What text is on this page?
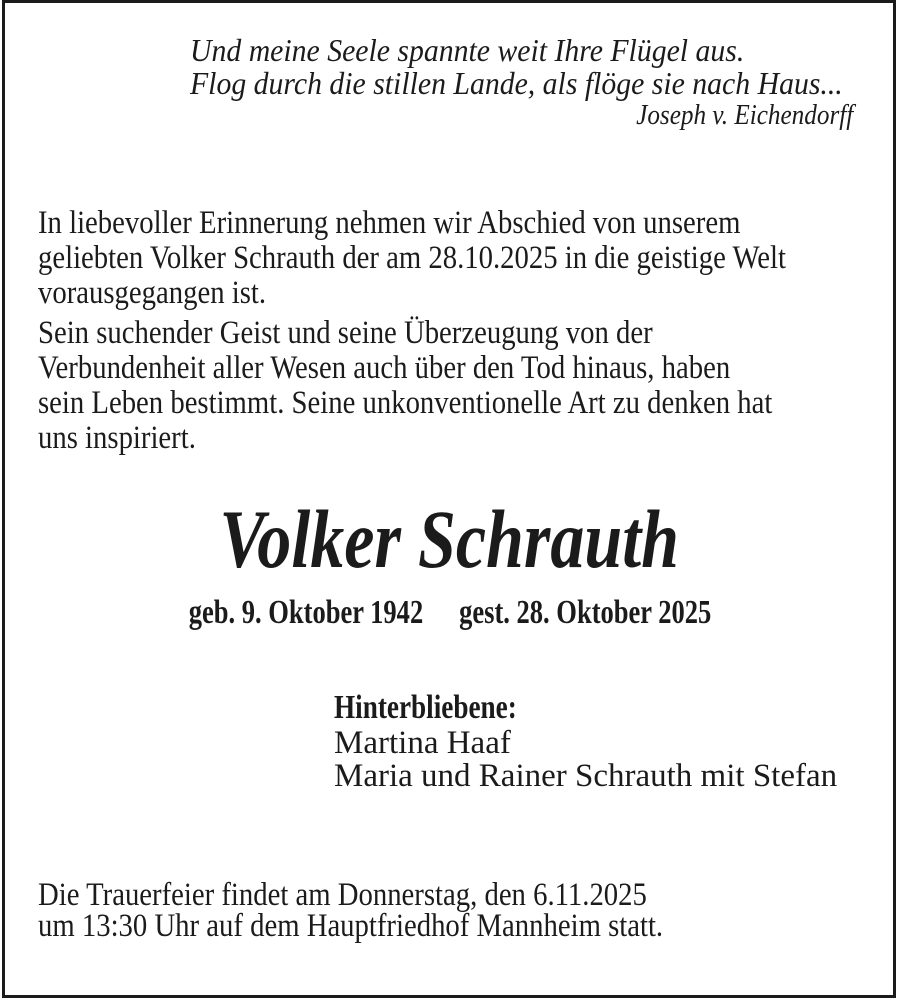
Und meine Seele spannte weit Ihre Flügel aus.
Flog durch die stillen Lande, als flöge sie nach Haus...
Joseph v. Eichendorff
In liebevoller Erinnerung nehmen wir Abschied von unserem
geliebten Volker Schrauth der am 28.10.2025 in die geistige Welt
vorausgegangen ist.
Sein suchender Geist und seine Überzeugung von der
Verbundenheit aller Wesen auch über den Tod hinaus, haben
sein Leben bestimmt. Seine unkonventionelle Art zu denken hat
uns inspiriert.
Volker Schrauth
geb. 9. Oktober 1942 gest. 28. Oktober 2025
Hinterbliebene:
Martina Haaf
Maria und Rainer Schrauth mit Stefan
Die Trauerfeier findet am Donnerstag, den 6.11.2025
um 13:30 Uhr auf dem Hauptfriedhof Mannheim statt.
